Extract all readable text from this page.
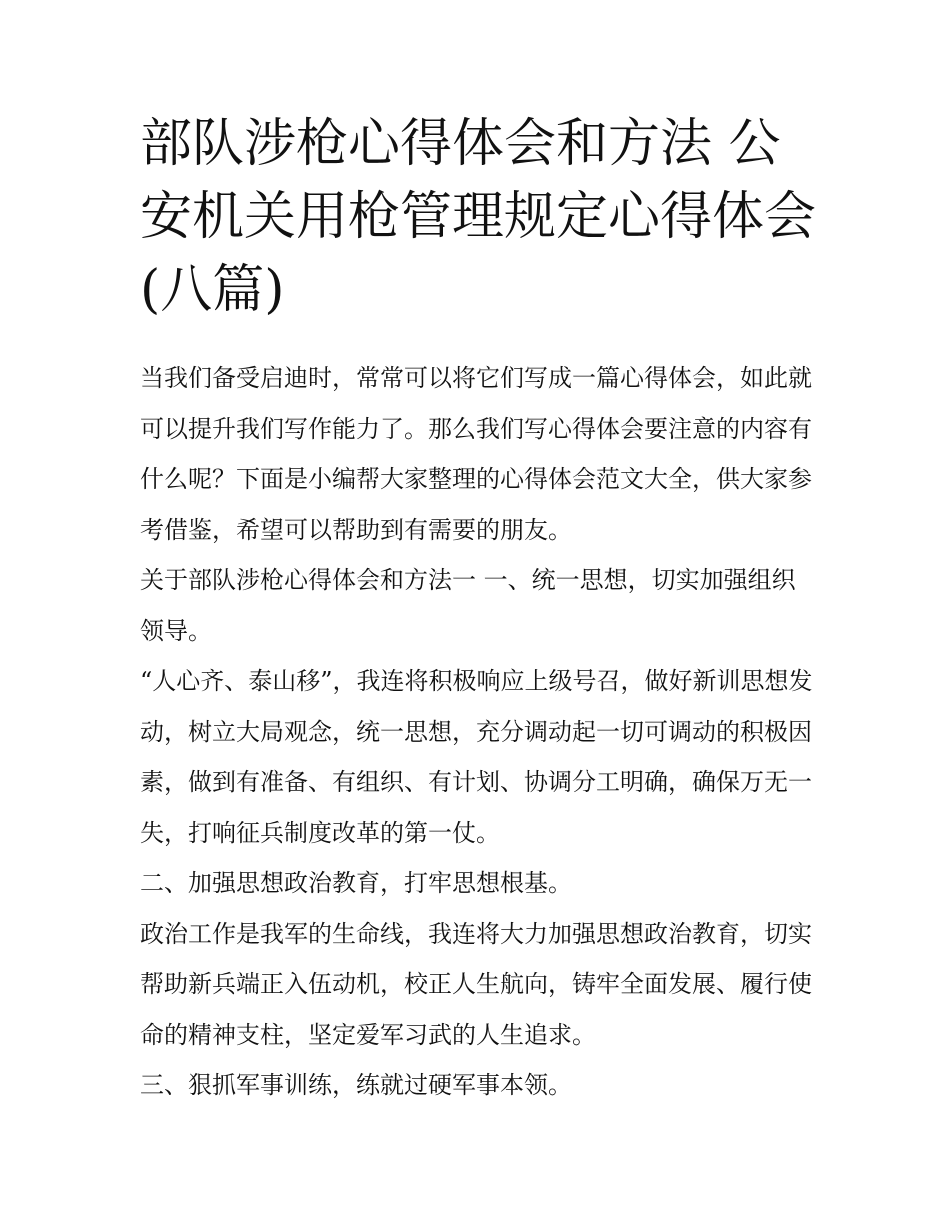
部队涉枪心得体会和方法 公安机关用枪管理规定心得体会(八篇)

当我们备受启迪时，常常可以将它们写成一篇心得体会，如此就可以提升我们写作能力了。那么我们写心得体会要注意的内容有什么呢？下面是小编帮大家整理的心得体会范文大全，供大家参考借鉴，希望可以帮助到有需要的朋友。

关于部队涉枪心得体会和方法一 一、统一思想，切实加强组织领导。

“人心齐、泰山移”，我连将积极响应上级号召，做好新训思想发动，树立大局观念，统一思想，充分调动起一切可调动的积极因素，做到有准备、有组织、有计划、协调分工明确，确保万无一失，打响征兵制度改革的第一仗。

二、加强思想政治教育，打牢思想根基。

政治工作是我军的生命线，我连将大力加强思想政治教育，切实帮助新兵端正入伍动机，校正人生航向，铸牢全面发展、履行使命的精神支柱，坚定爱军习武的人生追求。

三、狠抓军事训练，练就过硬军事本领。
